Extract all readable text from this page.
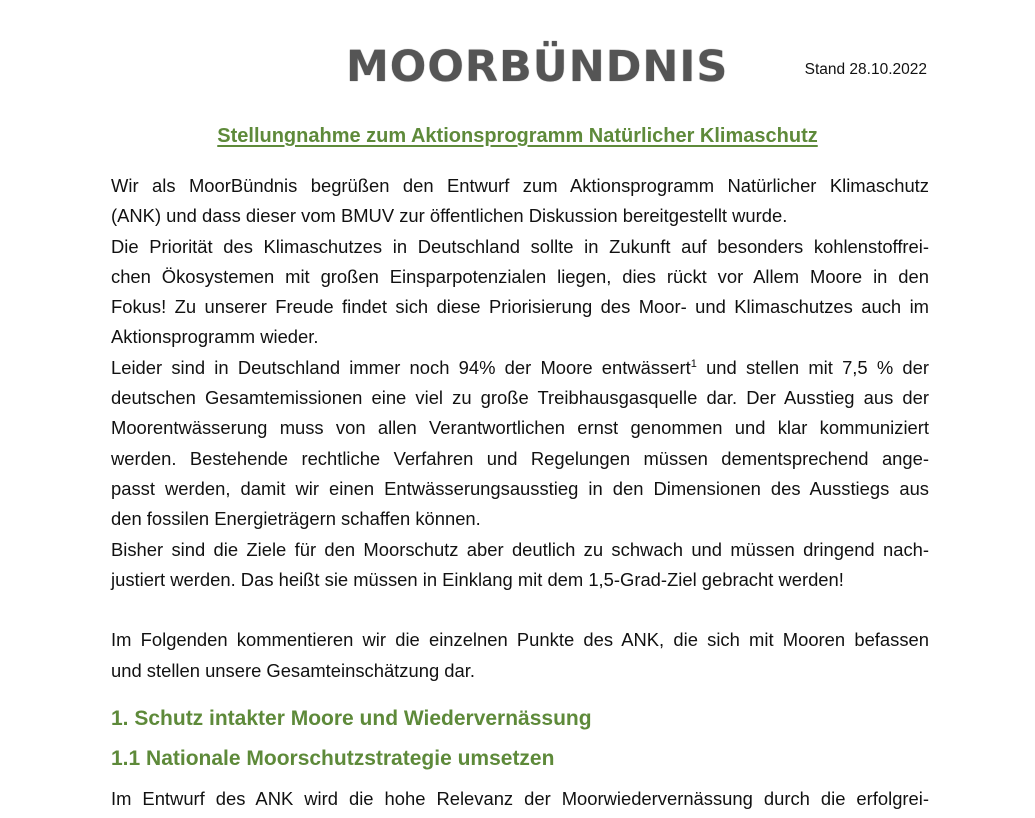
MOORBÜNDNIS	Stand 28.10.2022
Stellungnahme zum Aktionsprogramm Natürlicher Klimaschutz
Wir als MoorBündnis begrüßen den Entwurf zum Aktionsprogramm Natürlicher Klimaschutz
(ANK) und dass dieser vom BMUV zur öffentlichen Diskussion bereitgestellt wurde.
Die Priorität des Klimaschutzes in Deutschland sollte in Zukunft auf besonders kohlenstoffrei-
chen Ökosystemen mit großen Einsparpotenzialen liegen, dies rückt vor Allem Moore in den
Fokus! Zu unserer Freude findet sich diese Priorisierung des Moor- und Klimaschutzes auch im
Aktionsprogramm wieder.
Leider sind in Deutschland immer noch 94% der Moore entwässert$^1$ und stellen mit 7,5 % der
deutschen Gesamtemissionen eine viel zu große Treibhausgasquelle dar. Der Ausstieg aus der
Moorentwässerung muss von allen Verantwortlichen ernst genommen und klar kommuniziert
werden. Bestehende rechtliche Verfahren und Regelungen müssen dementsprechend ange-
passt werden, damit wir einen Entwässerungsausstieg in den Dimensionen des Ausstiegs aus
den fossilen Energieträgern schaffen können.
Bisher sind die Ziele für den Moorschutz aber deutlich zu schwach und müssen dringend nach-
justiert werden. Das heißt sie müssen in Einklang mit dem 1,5-Grad-Ziel gebracht werden!
Im Folgenden kommentieren wir die einzelnen Punkte des ANK, die sich mit Mooren befassen
und stellen unsere Gesamteinschätzung dar.
1. Schutz intakter Moore und Wiedervernässung
1.1 Nationale Moorschutzstrategie umsetzen
Im Entwurf des ANK wird die hohe Relevanz der Moorwiedervernässung durch die erfolgrei-
